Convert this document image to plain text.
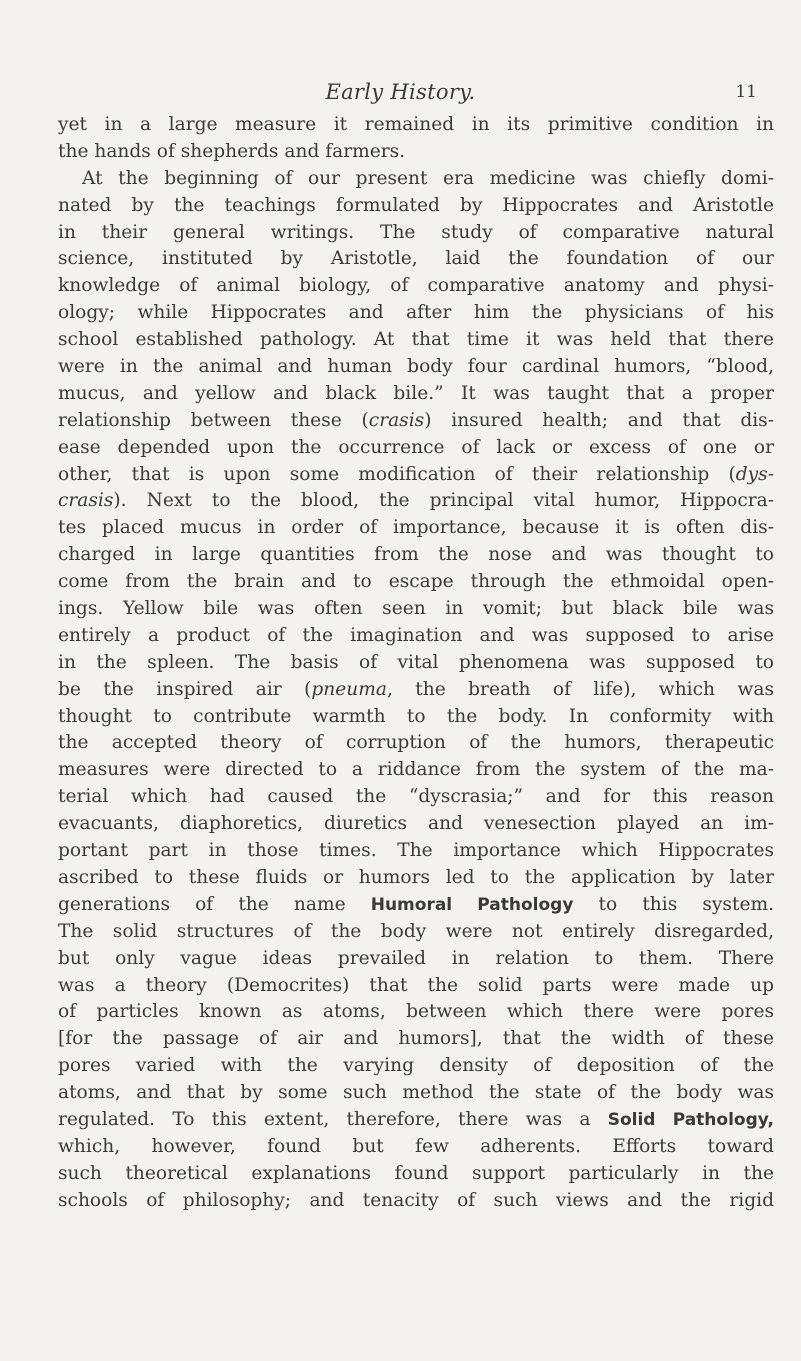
Early History.	11
yet in a large measure it remained in its primitive condition in
the hands of shepherds and farmers.
At the beginning of our present era medicine was chiefly domi-
nated by the teachings formulated by Hippocrates and Aristotle
in their general writings. The study of comparative natural
science, instituted by Aristotle, laid the foundation of our
knowledge of animal biology, of comparative anatomy and physi-
ology; while Hippocrates and after him the physicians of his
school established pathology. At that time it was held that there
were in the animal and human body four cardinal humors, “blood,
mucus, and yellow and black bile.” It was taught that a proper
relationship between these (crasis) insured health; and that dis-
ease depended upon the occurrence of lack or excess of one or
other, that is upon some modification of their relationship (dys-
crasis). Next to the blood, the principal vital humor, Hippocra-
tes placed mucus in order of importance, because it is often dis-
charged in large quantities from the nose and was thought to
come from the brain and to escape through the ethmoidal open-
ings. Yellow bile was often seen in vomit; but black bile was
entirely a product of the imagination and was supposed to arise
in the spleen. The basis of vital phenomena was supposed to
be the inspired air (pneuma, the breath of life), which was
thought to contribute warmth to the body. In conformity with
the accepted theory of corruption of the humors, therapeutic
measures were directed to a riddance from the system of the ma-
terial which had caused the “dyscrasia;” and for this reason
evacuants, diaphoretics, diuretics and venesection played an im-
portant part in those times. The importance which Hippocrates
ascribed to these fluids or humors led to the application by later
generations of the name Humoral Pathology to this system.
The solid structures of the body were not entirely disregarded,
but only vague ideas prevailed in relation to them. There
was a theory (Democrites) that the solid parts were made up
of particles known as atoms, between which there were pores
[for the passage of air and humors], that the width of these
pores varied with the varying density of deposition of the
atoms, and that by some such method the state of the body was
regulated. To this extent, therefore, there was a Solid Pathology,
which, however, found but few adherents. Efforts toward
such theoretical explanations found support particularly in the
schools of philosophy; and tenacity of such views and the rigid
